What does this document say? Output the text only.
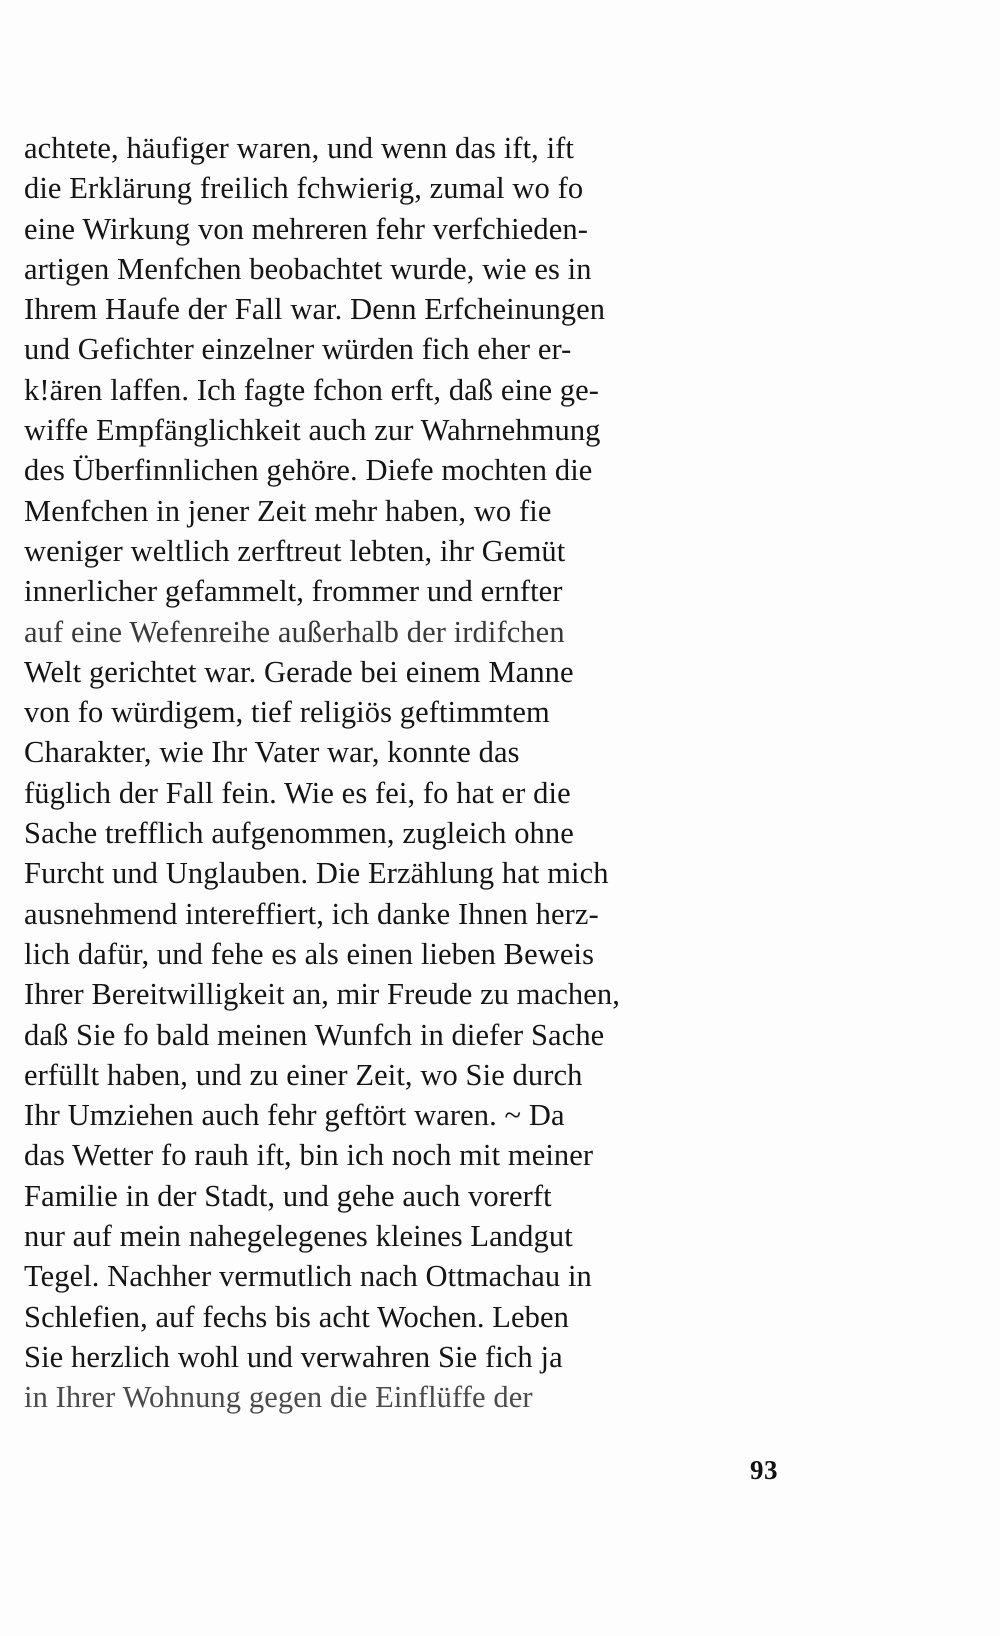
achtete, häufiger waren, und wenn das ift, ift
die Erklärung freilich fchwierig, zumal wo fo
eine Wirkung von mehreren fehr verfchieden-
artigen Menfchen beobachtet wurde, wie es in
Ihrem Haufe der Fall war. Denn Erfcheinungen
und Gefichter einzelner würden fich eher er-
k!ären laffen. Ich fagte fchon erft, daß eine ge-
wiffe Empfänglichkeit auch zur Wahrnehmung
des Überfinnlichen gehöre. Diefe mochten die
Menfchen in jener Zeit mehr haben, wo fie
weniger weltlich zerftreut lebten, ihr Gemüt
innerlicher gefammelt, frommer und ernfter
auf eine Wefenreihe außerhalb der irdifchen
Welt gerichtet war. Gerade bei einem Manne
von fo würdigem, tief religiös geftimmtem
Charakter, wie Ihr Vater war, konnte das
füglich der Fall fein. Wie es fei, fo hat er die
Sache trefflich aufgenommen, zugleich ohne
Furcht und Unglauben. Die Erzählung hat mich
ausnehmend intereffiert, ich danke Ihnen herz-
lich dafür, und fehe es als einen lieben Beweis
Ihrer Bereitwilligkeit an, mir Freude zu machen,
daß Sie fo bald meinen Wunfch in diefer Sache
erfüllt haben, und zu einer Zeit, wo Sie durch
Ihr Umziehen auch fehr geftört waren. ~ Da
das Wetter fo rauh ift, bin ich noch mit meiner
Familie in der Stadt, und gehe auch vorerft
nur auf mein nahegelegenes kleines Landgut
Tegel. Nachher vermutlich nach Ottmachau in
Schlefien, auf fechs bis acht Wochen. Leben
Sie herzlich wohl und verwahren Sie fich ja
in Ihrer Wohnung gegen die Einflüffe der
93
